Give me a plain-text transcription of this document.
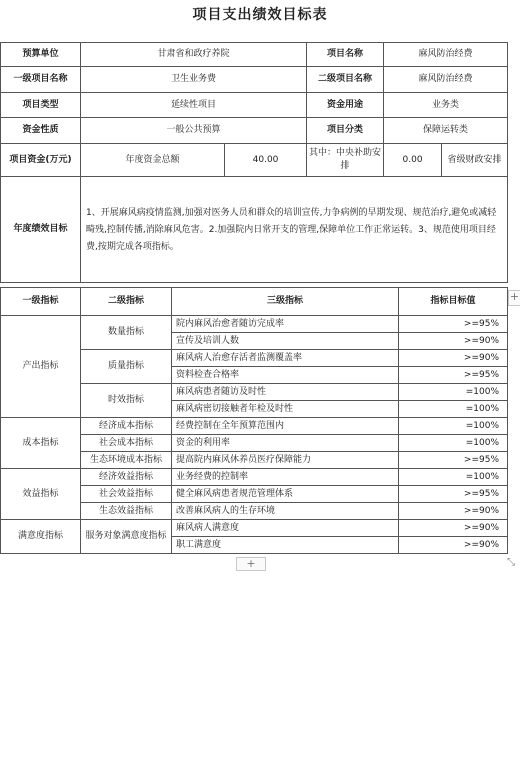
项目支出绩效目标表
预算单位	甘肃省和政疗养院		项目名称	麻风防治经费	
一级项目名称	卫生业务费		二级项目名称	麻风防治经费	
项目类型	延续性项目		资金用途	业务类	
资金性质	一般公共预算		项目分类	保障运转类	
项目资金(万元)	年度资金总额	40.00	其中：中央补助安排	0.00	省级财政安排
年度绩效目标	1、开展麻风病疫情监测,加强对医务人员和群众的培训宣传,力争病例的早期发现、规范治疗,避免或减轻畸残,控制传播,消除麻风危害。2.加强院内日常开支的管理,保障单位工作正常运转。3、规范使用项目经费,按期完成各项指标。				
一级指标	二级指标	三级指标	指标目标值
产出指标	数量指标	院内麻风治愈者随访完成率	>=95%
		宣传及培训人数	>=90%
	质量指标	麻风病人治愈存活者监测覆盖率	>=90%
		资料检查合格率	>=95%
	时效指标	麻风病患者随访及时性	=100%
		麻风病密切接触者年检及时性	=100%
成本指标	经济成本指标	经费控制在全年预算范围内	=100%
	社会成本指标	资金的利用率	=100%
	生态环境成本指标	提高院内麻风休养员医疗保障能力	>=95%
效益指标	经济效益指标	业务经费的控制率	=100%
	社会效益指标	健全麻风病患者规范管理体系	>=95%
	生态效益指标	改善麻风病人的生存环境	>=90%
满意度指标	服务对象满意度指标	麻风病人满意度	>=90%
		职工满意度	>=90%
+
+	⤡
